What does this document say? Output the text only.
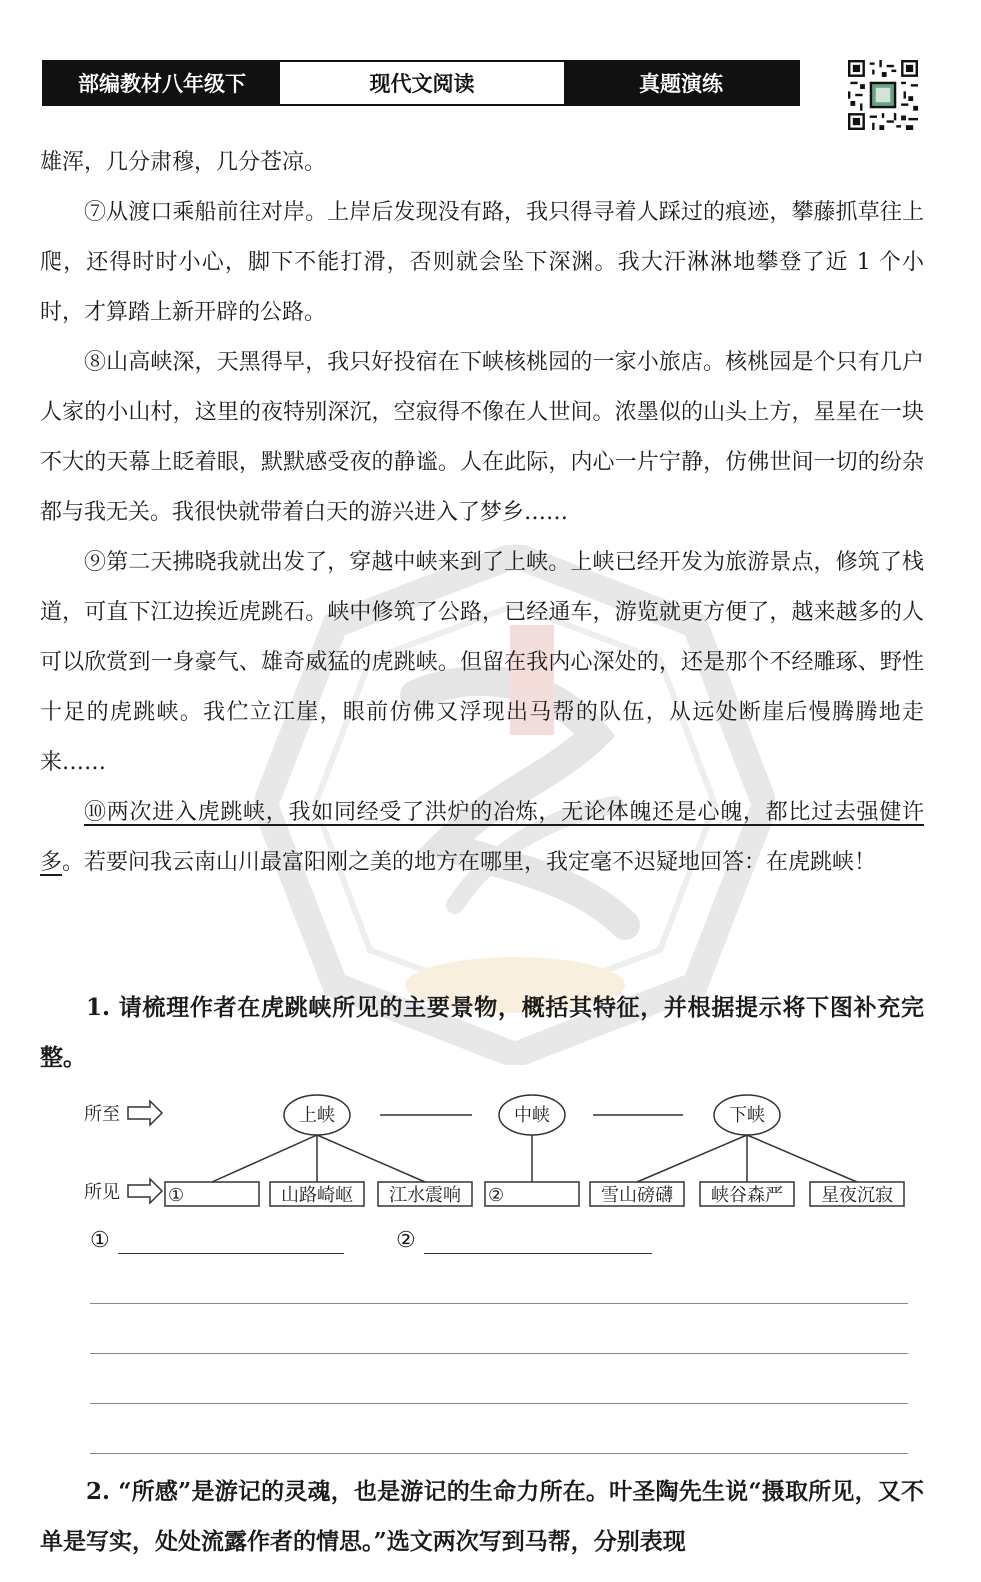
部编教材八年级下	现代文阅读	真题演练

雄浑，几分肃穆，几分苍凉。

⑦从渡口乘船前往对岸。上岸后发现没有路，我只得寻着人踩过的痕迹，攀藤抓草往上爬，还得时时小心，脚下不能打滑，否则就会坠下深渊。我大汗淋淋地攀登了近 1 个小时，才算踏上新开辟的公路。

⑧山高峡深，天黑得早，我只好投宿在下峡核桃园的一家小旅店。核桃园是个只有几户人家的小山村，这里的夜特别深沉，空寂得不像在人世间。浓墨似的山头上方，星星在一块不大的天幕上眨着眼，默默感受夜的静谧。人在此际，内心一片宁静，仿佛世间一切的纷杂都与我无关。我很快就带着白天的游兴进入了梦乡……

⑨第二天拂晓我就出发了，穿越中峡来到了上峡。上峡已经开发为旅游景点，修筑了栈道，可直下江边挨近虎跳石。峡中修筑了公路，已经通车，游览就更方便了，越来越多的人可以欣赏到一身豪气、雄奇威猛的虎跳峡。但留在我内心深处的，还是那个不经雕琢、野性十足的虎跳峡。我伫立江崖，眼前仿佛又浮现出马帮的队伍，从远处断崖后慢腾腾地走来……

⑩两次进入虎跳峡，我如同经受了洪炉的冶炼，无论体魄还是心魄，都比过去强健许多。若要问我云南山川最富阳刚之美的地方在哪里，我定毫不迟疑地回答：在虎跳峡！

1. 请梳理作者在虎跳峡所见的主要景物，概括其特征，并根据提示将下图补充完整。

所至
所见
上峡	中峡	下峡
①	山路崎岖 江水震响 ②	雪山磅礴 峡谷森严 星夜沉寂
①	②

2. “所感”是游记的灵魂，也是游记的生命力所在。叶圣陶先生说“摄取所见，又不单是写实，处处流露作者的情思。”选文两次写到马帮，分别表现
